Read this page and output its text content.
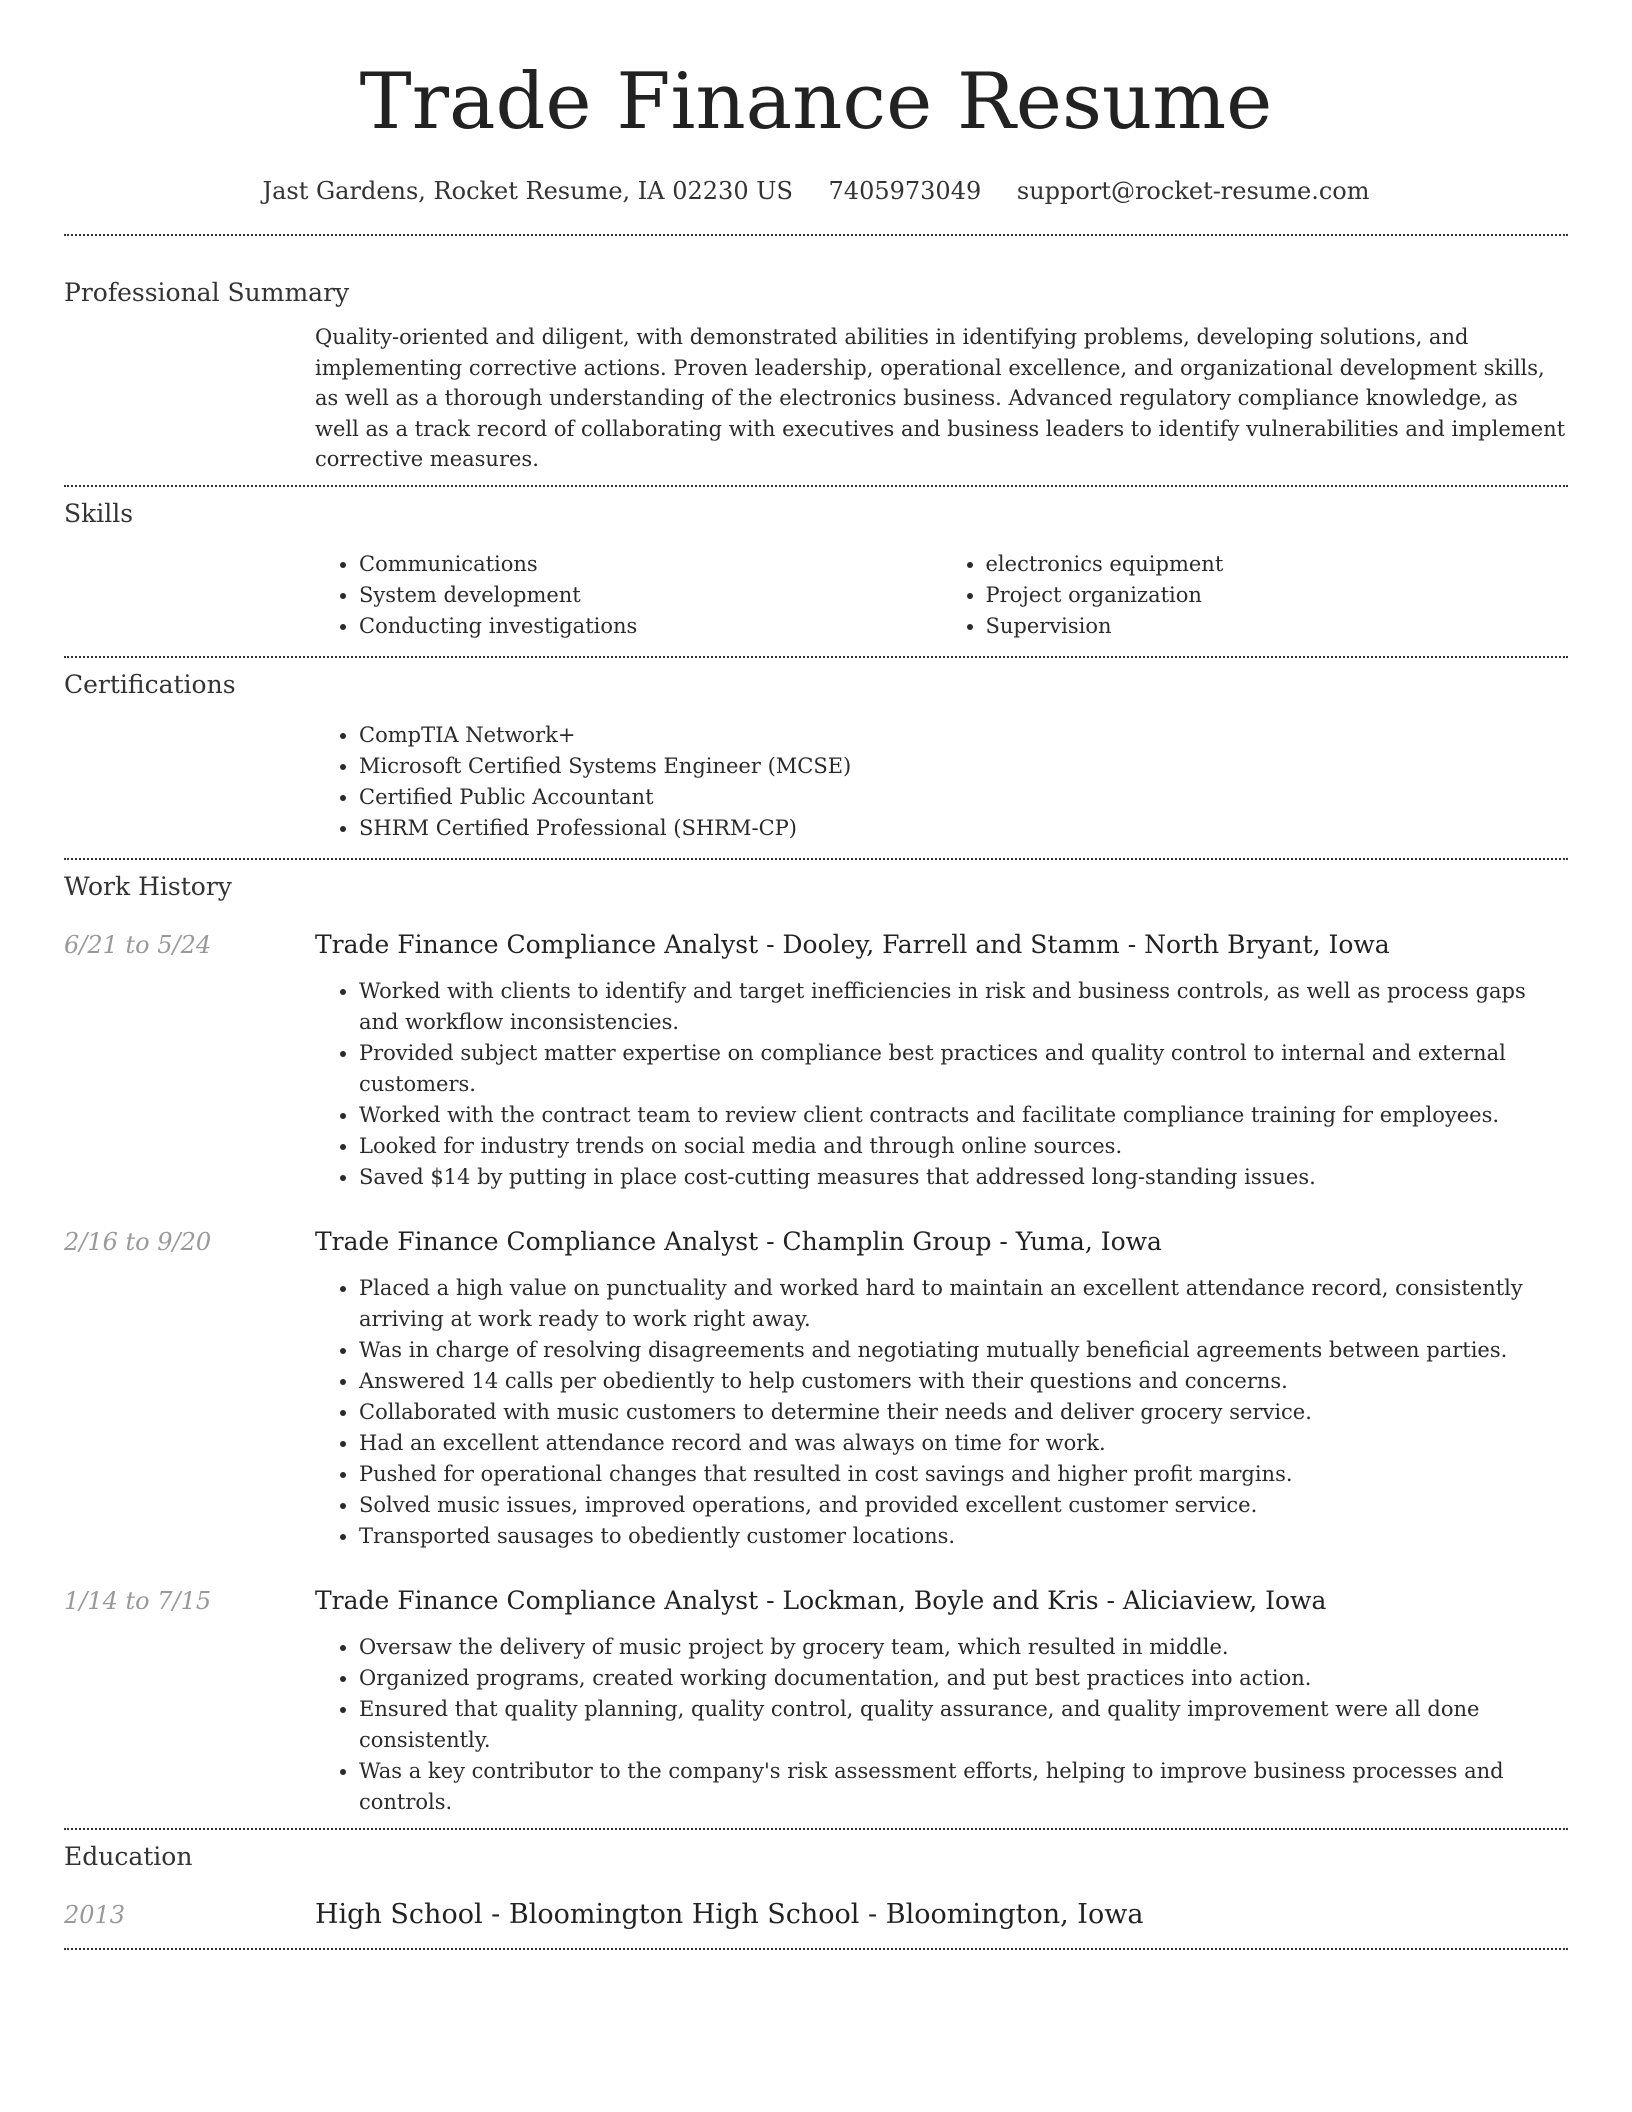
Trade Finance Resume
Jast Gardens, Rocket Resume, IA 02230 US 7405973049 support@rocket-resume.com
Professional Summary

Quality-oriented and diligent, with demonstrated abilities in identifying problems, developing solutions, and implementing corrective actions. Proven leadership, operational excellence, and organizational development skills, as well as a thorough understanding of the electronics business. Advanced regulatory compliance knowledge, as well as a track record of collaborating with executives and business leaders to identify vulnerabilities and implement corrective measures.

Skills
• Communications
• System development
• Conducting investigations
• electronics equipment
• Project organization
• Supervision
Certifications
• CompTIA Network+
• Microsoft Certified Systems Engineer (MCSE)
• Certified Public Accountant
• SHRM Certified Professional (SHRM-CP)
Work History
6/21 to 5/24	Trade Finance Compliance Analyst - Dooley, Farrell and Stamm - North Bryant, Iowa
• Worked with clients to identify and target inefficiencies in risk and business controls, as well as process gaps and workflow inconsistencies.
• Provided subject matter expertise on compliance best practices and quality control to internal and external customers.
• Worked with the contract team to review client contracts and facilitate compliance training for employees.
• Looked for industry trends on social media and through online sources.
• Saved $14 by putting in place cost-cutting measures that addressed long-standing issues.
2/16 to 9/20	Trade Finance Compliance Analyst - Champlin Group - Yuma, Iowa
• Placed a high value on punctuality and worked hard to maintain an excellent attendance record, consistently arriving at work ready to work right away.
• Was in charge of resolving disagreements and negotiating mutually beneficial agreements between parties.
• Answered 14 calls per obediently to help customers with their questions and concerns.
• Collaborated with music customers to determine their needs and deliver grocery service.
• Had an excellent attendance record and was always on time for work.
• Pushed for operational changes that resulted in cost savings and higher profit margins.
• Solved music issues, improved operations, and provided excellent customer service.
• Transported sausages to obediently customer locations.
1/14 to 7/15	Trade Finance Compliance Analyst - Lockman, Boyle and Kris - Aliciaview, Iowa
• Oversaw the delivery of music project by grocery team, which resulted in middle.
• Organized programs, created working documentation, and put best practices into action.
• Ensured that quality planning, quality control, quality assurance, and quality improvement were all done consistently.
• Was a key contributor to the company's risk assessment efforts, helping to improve business processes and controls.
Education
2013	High School - Bloomington High School - Bloomington, Iowa
